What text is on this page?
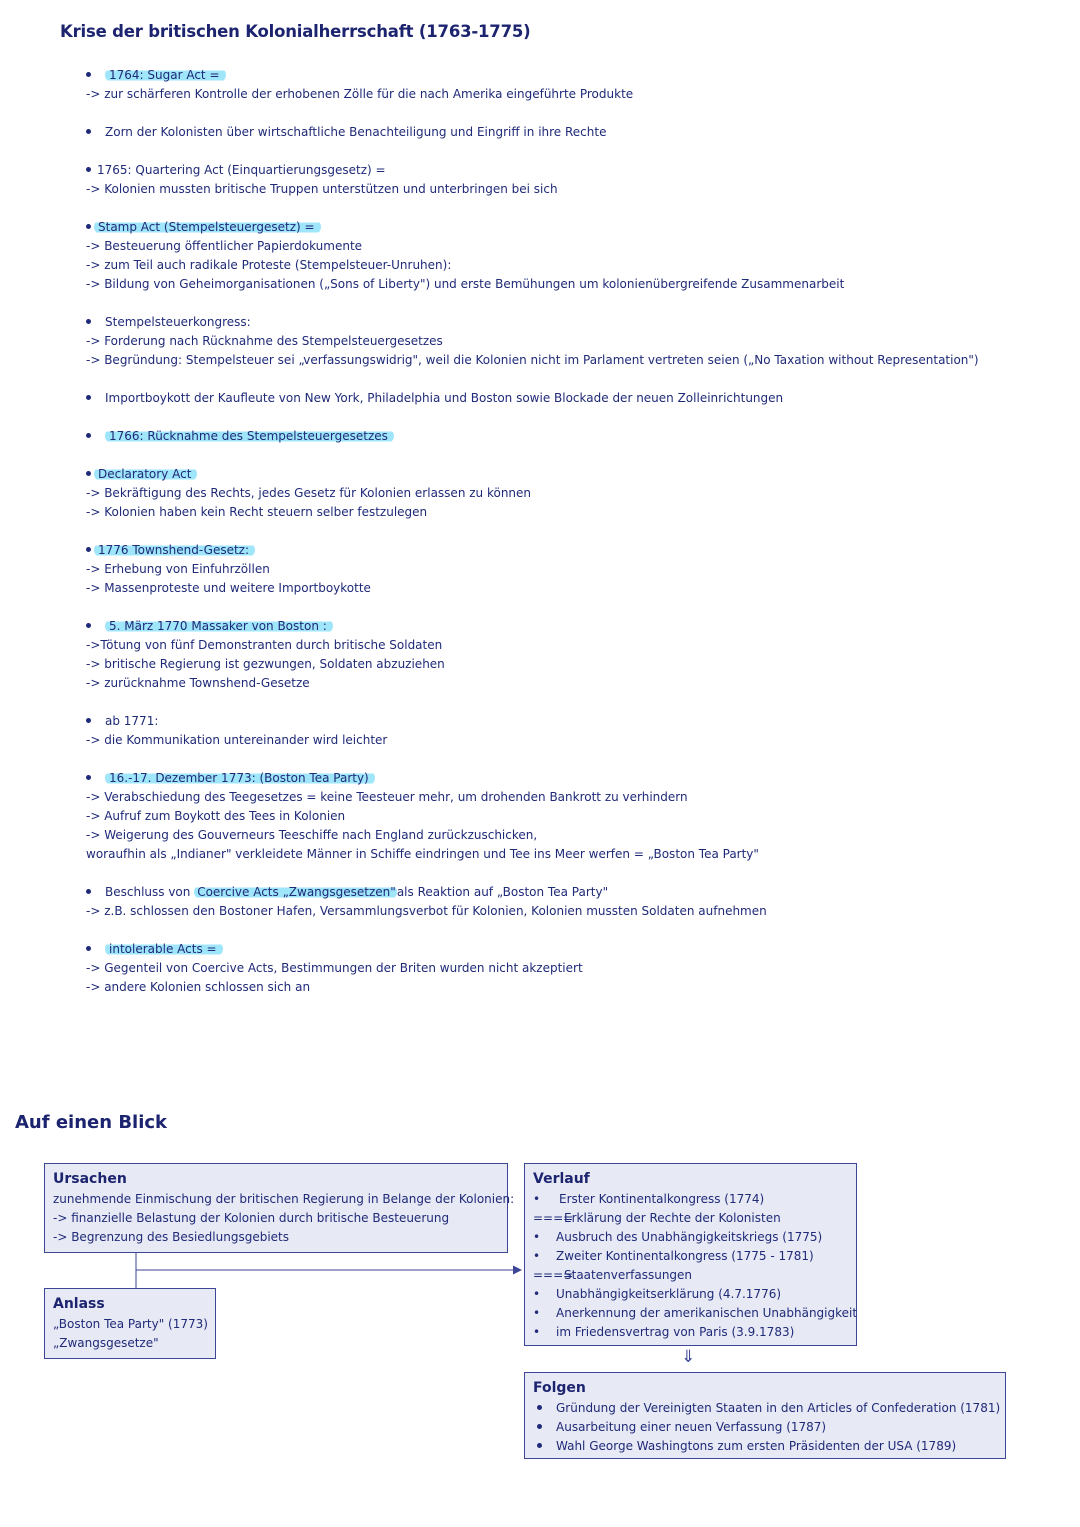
Krise der britischen Kolonialherrschaft (1763-1775)
1764: Sugar Act =
-> zur schärferen Kontrolle der erhobenen Zölle für die nach Amerika eingeführte Produkte
Zorn der Kolonisten über wirtschaftliche Benachteiligung und Eingriff in ihre Rechte
1765: Quartering Act (Einquartierungsgesetz) =
-> Kolonien mussten britische Truppen unterstützen und unterbringen bei sich
Stamp Act (Stempelsteuergesetz) =
-> Besteuerung öffentlicher Papierdokumente
-> zum Teil auch radikale Proteste (Stempelsteuer-Unruhen):
-> Bildung von Geheimorganisationen („Sons of Liberty") und erste Bemühungen um kolonienübergreifende Zusammenarbeit
Stempelsteuerkongress:
-> Forderung nach Rücknahme des Stempelsteuergesetzes
-> Begründung: Stempelsteuer sei „verfassungswidrig", weil die Kolonien nicht im Parlament vertreten seien („No Taxation without Representation")
Importboykott der Kaufleute von New York, Philadelphia und Boston sowie Blockade der neuen Zolleinrichtungen
1766: Rücknahme des Stempelsteuergesetzes
Declaratory Act
-> Bekräftigung des Rechts, jedes Gesetz für Kolonien erlassen zu können
-> Kolonien haben kein Recht steuern selber festzulegen
1776 Townshend-Gesetz:
-> Erhebung von Einfuhrzöllen
-> Massenproteste und weitere Importboykotte
5. März 1770 Massaker von Boston :
->Tötung von fünf Demonstranten durch britische Soldaten
-> britische Regierung ist gezwungen, Soldaten abzuziehen
-> zurücknahme Townshend-Gesetze
ab 1771:
-> die Kommunikation untereinander wird leichter
16.-17. Dezember 1773: (Boston Tea Party)
-> Verabschiedung des Teegesetzes = keine Teesteuer mehr, um drohenden Bankrott zu verhindern
-> Aufruf zum Boykott des Tees in Kolonien
-> Weigerung des Gouverneurs Teeschiffe nach England zurückzuschicken,
woraufhin als „Indianer" verkleidete Männer in Schiffe eindringen und Tee ins Meer werfen = „Boston Tea Party"
Beschluss von Coercive Acts „Zwangsgesetzen"als Reaktion auf „Boston Tea Party"
-> z.B. schlossen den Bostoner Hafen, Versammlungsverbot für Kolonien, Kolonien mussten Soldaten aufnehmen
intolerable Acts =
-> Gegenteil von Coercive Acts, Bestimmungen der Briten wurden nicht akzeptiert
-> andere Kolonien schlossen sich an
Auf einen Blick
Ursachen
zunehmende Einmischung der britischen Regierung in Belange der Kolonien:
-> finanzielle Belastung der Kolonien durch britische Besteuerung
-> Begrenzung des Besiedlungsgebiets
Anlass
„Boston Tea Party" (1773)
„Zwangsgesetze"
Verlauf
• Erster Kontinentalkongress (1774)
====Erklärung der Rechte der Kolonisten
• Ausbruch des Unabhängigkeitskriegs (1775)
• Zweiter Kontinentalkongress (1775 - 1781)
====Staatenverfassungen
• Unabhängigkeitserklärung (4.7.1776)
• Anerkennung der amerikanischen Unabhängigkeit
• im Friedensvertrag von Paris (3.9.1783)
⇓
Folgen
Gründung der Vereinigten Staaten in den Articles of Confederation (1781)
Ausarbeitung einer neuen Verfassung (1787)
Wahl George Washingtons zum ersten Präsidenten der USA (1789)
